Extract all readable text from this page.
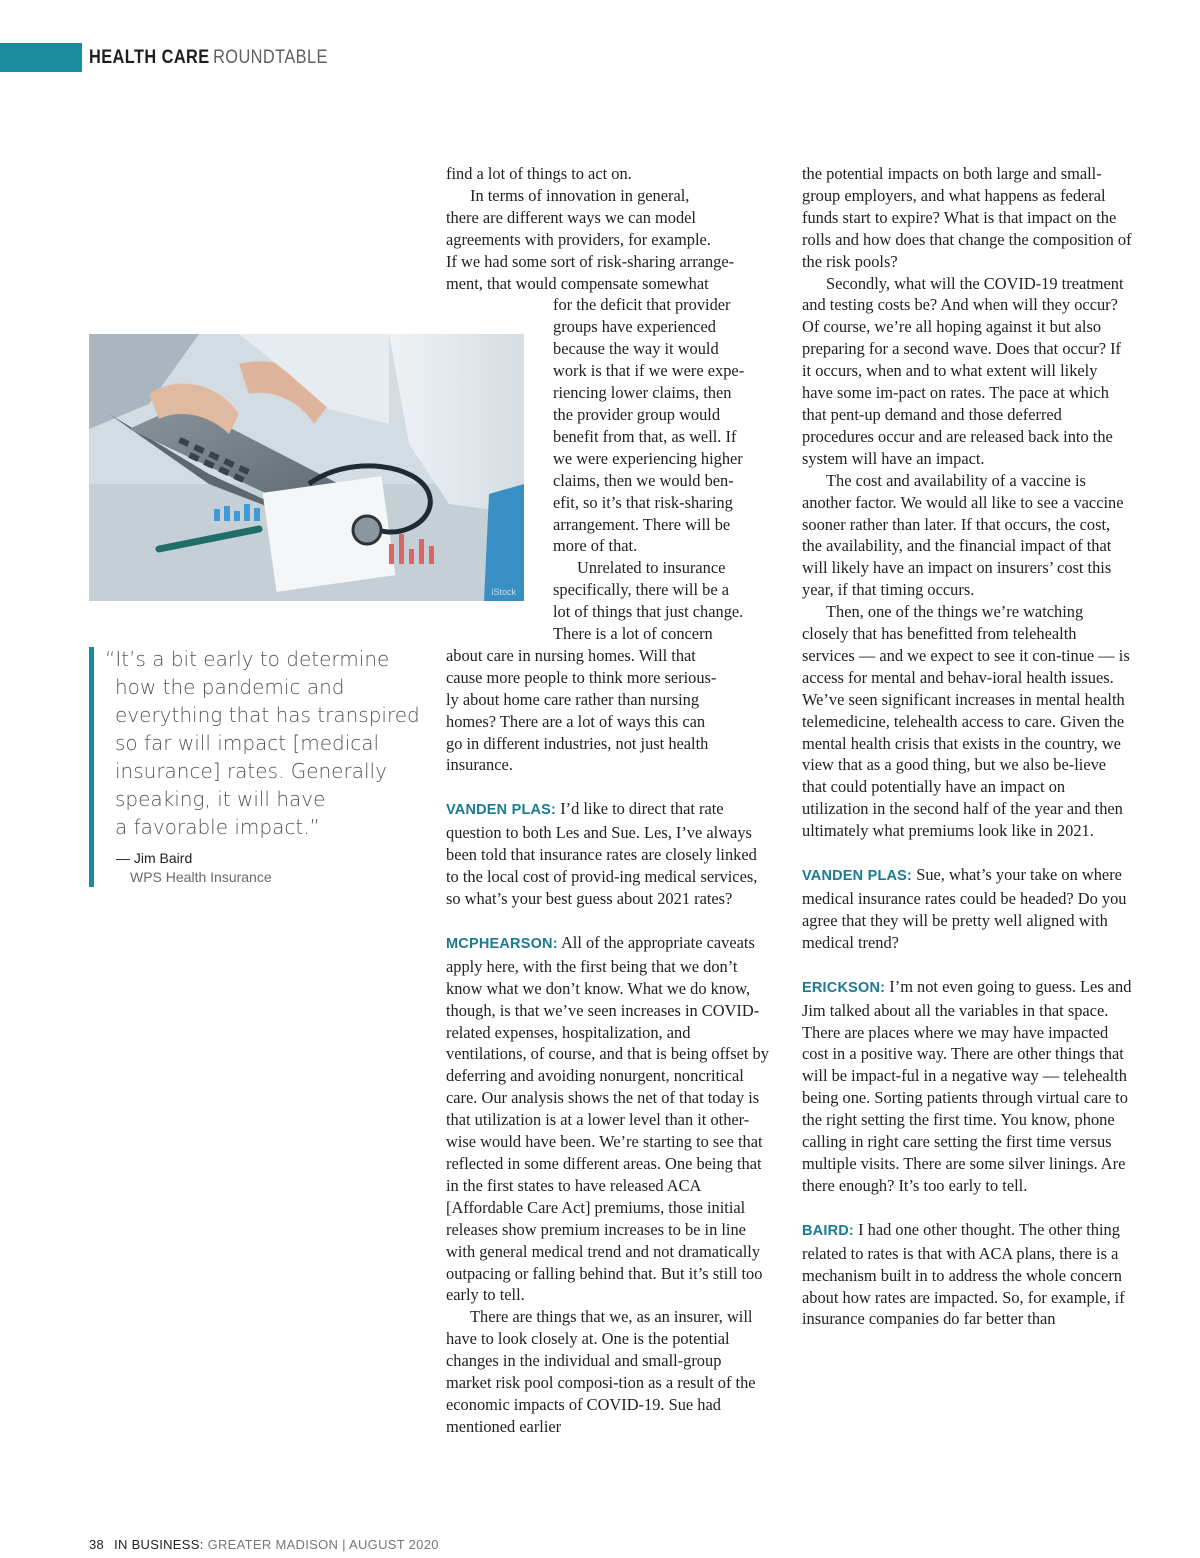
HEALTH CARE ROUNDTABLE
iStock
“It’s a bit early to determine
how the pandemic and
everything that has transpired
so far will impact [medical
insurance] rates. Generally
speaking, it will have
a favorable impact.”
— Jim Baird
WPS Health Insurance

find a lot of things to act on.

In terms of innovation in general,
there are different ways we can model
agreements with providers, for example.
If we had some sort of risk-sharing arrange-
ment, that would compensate somewhat
for the deficit that provider
groups have experienced
because the way it would
work is that if we were expe-
riencing lower claims, then
the provider group would
benefit from that, as well. If
we were experiencing higher
claims, then we would ben-
efit, so it’s that risk-sharing
arrangement. There will be
more of that.
Unrelated to insurance
specifically, there will be a
lot of things that just change.
There is a lot of concern
about care in nursing homes. Will that
cause more people to think more serious-
ly about home care rather than nursing
homes? There are a lot of ways this can
go in different industries, not just health
insurance.

VANDEN PLAS: I’d like to direct that rate question to both Les and Sue. Les, I’ve always been told that insurance rates are closely linked to the local cost of provid-ing medical services, so what’s your best guess about 2021 rates?

MCPHEARSON: All of the appropriate caveats apply here, with the first being that we don’t know what we don’t know. What we do know, though, is that we’ve seen increases in COVID-related expenses, hospitalization, and ventilations, of course, and that is being offset by deferring and avoiding nonurgent, noncritical care. Our analysis shows the net of that today is that utilization is at a lower level than it other-wise would have been. We’re starting to see that reflected in some different areas. One being that in the first states to have released ACA [Affordable Care Act] premiums, those initial releases show premium increases to be in line with general medical trend and not dramatically outpacing or falling behind that. But it’s still too early to tell.

There are things that we, as an insurer, will have to look closely at. One is the potential changes in the individual and small-group market risk pool composi-tion as a result of the economic impacts of COVID-19. Sue had mentioned earlier

the potential impacts on both large and small-group employers, and what happens as federal funds start to expire? What is that impact on the rolls and how does that change the composition of the risk pools?

Secondly, what will the COVID-19 treatment and testing costs be? And when will they occur? Of course, we’re all hoping against it but also preparing for a second wave. Does that occur? If it occurs, when and to what extent will likely have some im-pact on rates. The pace at which that pent-up demand and those deferred procedures occur and are released back into the system will have an impact.

The cost and availability of a vaccine is another factor. We would all like to see a vaccine sooner rather than later. If that occurs, the cost, the availability, and the financial impact of that will likely have an impact on insurers’ cost this year, if that timing occurs.

Then, one of the things we’re watching closely that has benefitted from telehealth services — and we expect to see it con-tinue — is access for mental and behav-ioral health issues. We’ve seen significant increases in mental health telemedicine, telehealth access to care. Given the mental health crisis that exists in the country, we view that as a good thing, but we also be-lieve that could potentially have an impact on utilization in the second half of the year and then ultimately what premiums look like in 2021.

VANDEN PLAS: Sue, what’s your take on where medical insurance rates could be headed? Do you agree that they will be pretty well aligned with medical trend?

ERICKSON: I’m not even going to guess. Les and Jim talked about all the variables in that space. There are places where we may have impacted cost in a positive way. There are other things that will be impact-ful in a negative way — telehealth being one. Sorting patients through virtual care to the right setting the first time. You know, phone calling in right care setting the first time versus multiple visits. There are some silver linings. Are there enough? It’s too early to tell.

BAIRD: I had one other thought. The other thing related to rates is that with ACA plans, there is a mechanism built in to address the whole concern about how rates are impacted. So, for example, if insurance companies do far better than

38 IN BUSINESS: GREATER MADISON | AUGUST 2020
